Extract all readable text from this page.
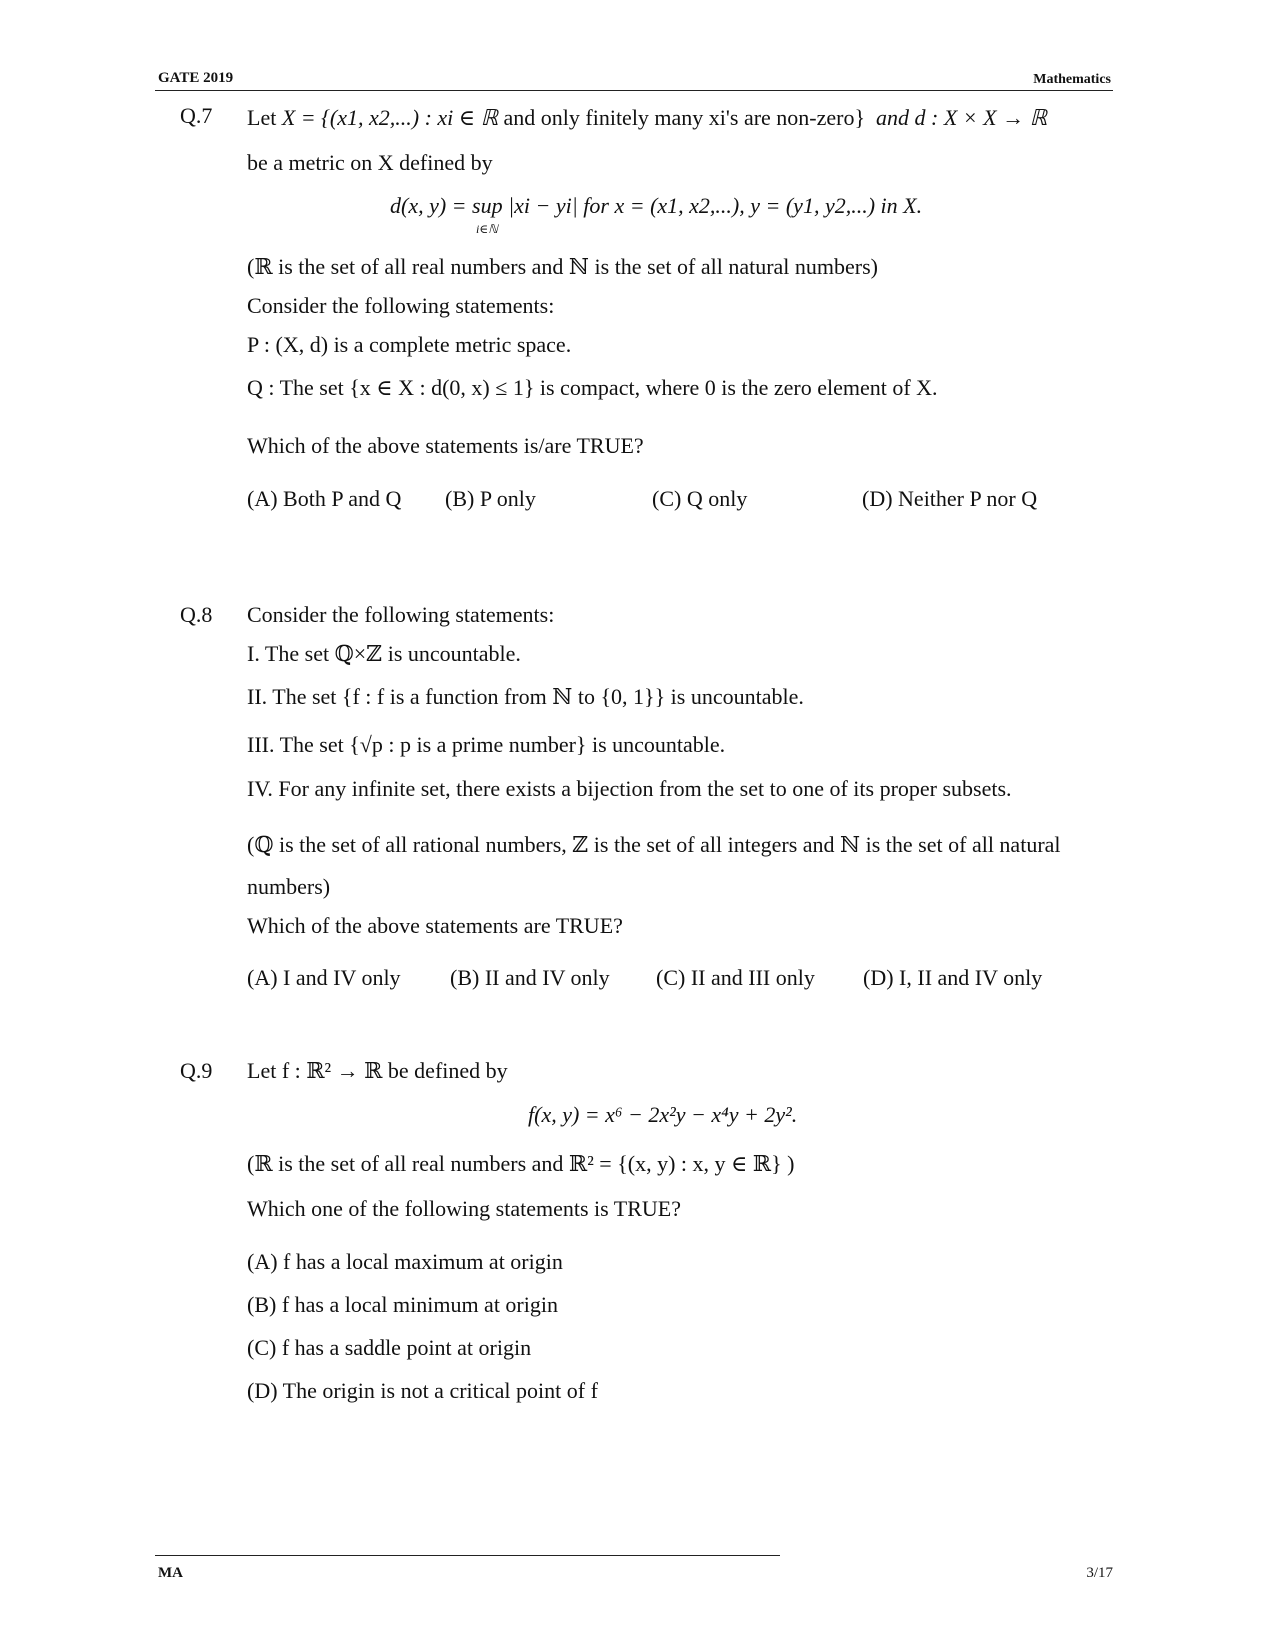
GATE 2019	Mathematics
Q.7 Let X = {(x1, x2,...) : xi ∈ ℝ and only finitely many xi's are non-zero} and d : X × X → ℝ
be a metric on X defined by
d(x, y) = sup |xi − yi| for x = (x1, x2,...), y = (y1, y2,...) in X.
i∈ℕ
(ℝ is the set of all real numbers and ℕ is the set of all natural numbers)
Consider the following statements:
P : (X, d) is a complete metric space.
Q : The set {x ∈ X : d(0, x) ≤ 1} is compact, where 0 is the zero element of X.
Which of the above statements is/are TRUE?
(A) Both P and Q (B) P only	(C) Q only	(D) Neither P nor Q
Q.8 Consider the following statements:
I. The set ℚ×ℤ is uncountable.
II. The set {f : f is a function from ℕ to {0, 1}} is uncountable.
III. The set {√p : p is a prime number} is uncountable.
IV. For any infinite set, there exists a bijection from the set to one of its proper subsets.
(ℚ is the set of all rational numbers, ℤ is the set of all integers and ℕ is the set of all natural
numbers)
Which of the above statements are TRUE?
(A) I and IV only (B) II and IV only (C) II and III only (D) I, II and IV only
Q.9 Let f : ℝ² → ℝ be defined by
f(x, y) = x⁶ − 2x²y − x⁴y + 2y².
(ℝ is the set of all real numbers and ℝ² = {(x, y) : x, y ∈ ℝ} )
Which one of the following statements is TRUE?
(A) f has a local maximum at origin
(B) f has a local minimum at origin
(C) f has a saddle point at origin
(D) The origin is not a critical point of f
MA	3/17
